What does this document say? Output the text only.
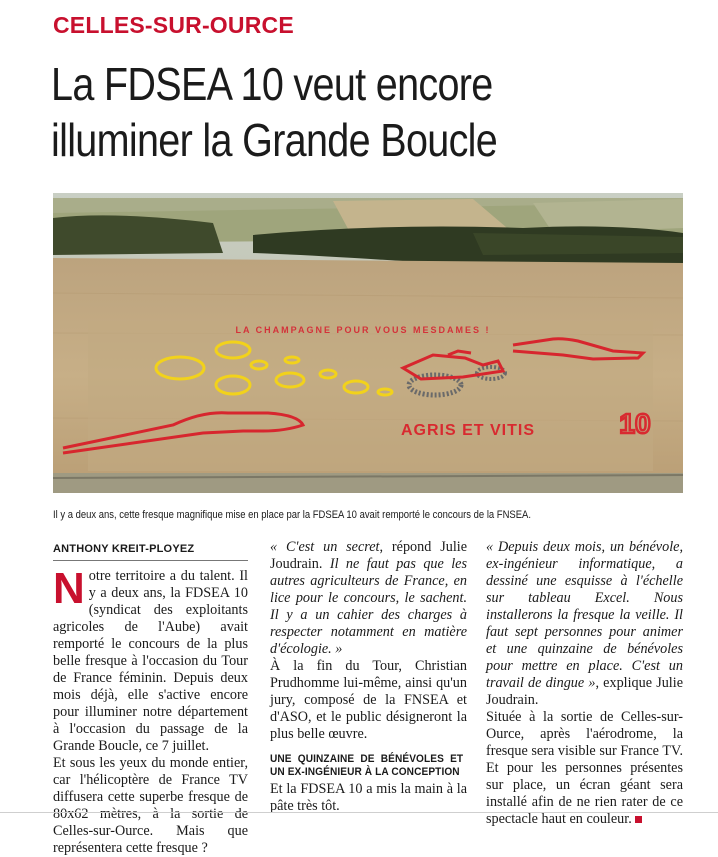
CELLES-SUR-OURCE
La FDSEA 10 veut encore illuminer la Grande Boucle
LA CHAMPAGNE POUR VOUS MESDAMES !
AGRIS ET VITIS	10
Il y a deux ans, cette fresque magnifique mise en place par la FDSEA 10 avait remporté le concours de la FNSEA.
ANTHONY KREIT-PLOYEZ

Notre territoire a du talent. Il y a deux ans, la FDSEA 10 (syndicat des exploitants agricoles de l'Aube) avait remporté le concours de la plus belle fresque à l'occasion du Tour de France féminin. Depuis deux mois déjà, elle s'active encore pour illuminer notre département à l'occasion du passage de la Grande Boucle, ce 7 juillet.

Et sous les yeux du monde entier, car l'hélicoptère de France TV diffusera cette superbe fresque de 80x62 mètres, à la sortie de Celles-sur-Ource. Mais que représentera cette fresque ?

« C'est un secret, répond Julie Joudrain. Il ne faut pas que les autres agriculteurs de France, en lice pour le concours, le sachent. Il y a un cahier des charges à respecter notamment en matière d'écologie. »

À la fin du Tour, Christian Prudhomme lui-même, ainsi qu'un jury, composé de la FNSEA et d'ASO, et le public désigneront la plus belle œuvre.

UNE QUINZAINE DE BÉNÉVOLES ET UN EX-INGÉNIEUR À LA CONCEPTION

Et la FDSEA 10 a mis la main à la pâte très tôt.

« Depuis deux mois, un bénévole, ex-ingénieur informatique, a dessiné une esquisse à l'échelle sur tableau Excel. Nous installerons la fresque la veille. Il faut sept personnes pour animer et une quinzaine de bénévoles pour mettre en place. C'est un travail de dingue », explique Julie Joudrain.

Située à la sortie de Celles-sur-Ource, après l'aérodrome, la fresque sera visible sur France TV. Et pour les personnes présentes sur place, un écran géant sera installé afin de ne rien rater de ce spectacle haut en couleur.
